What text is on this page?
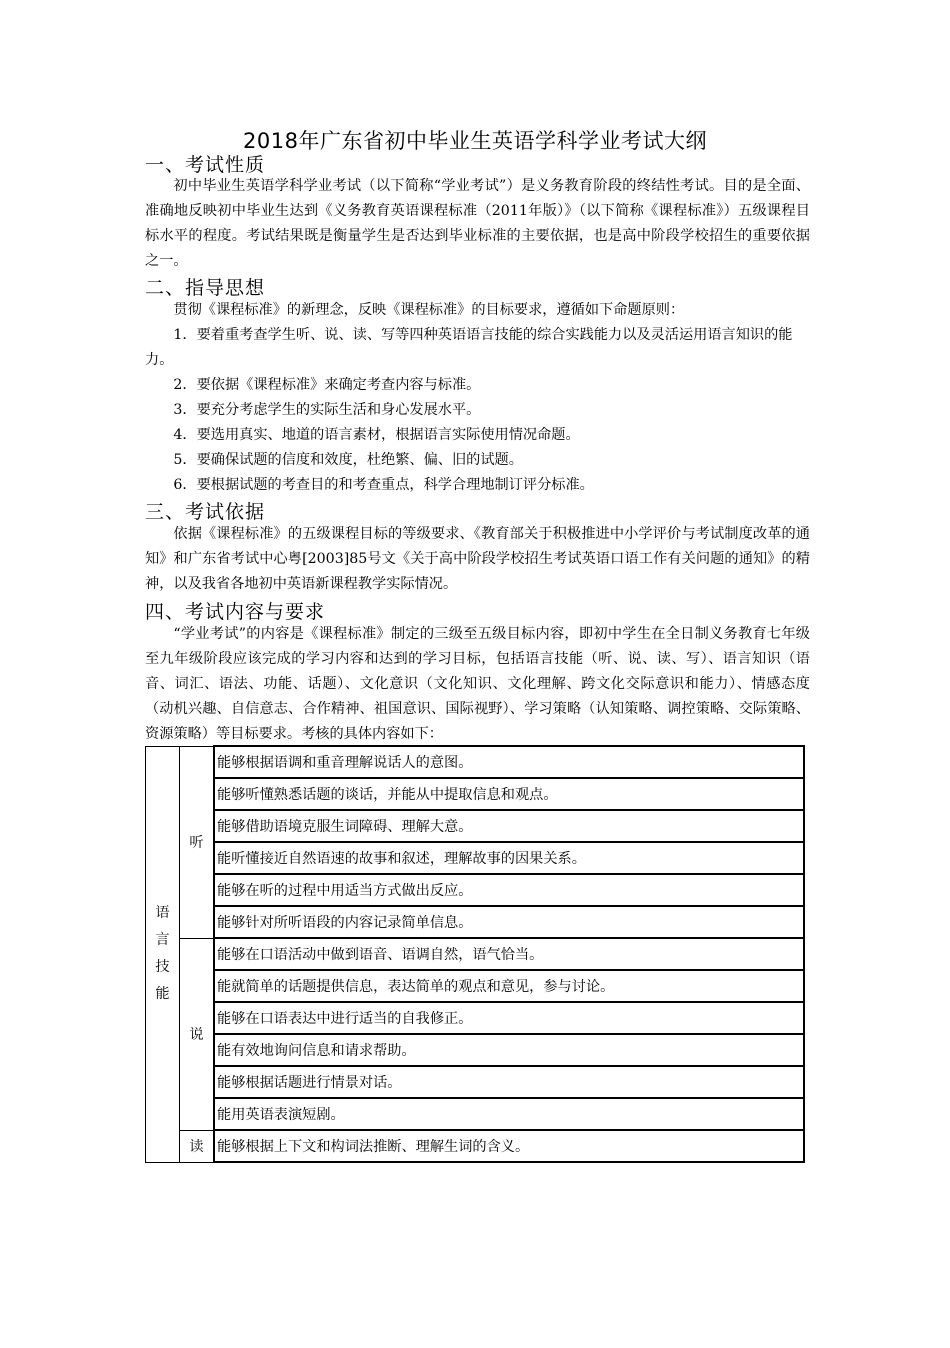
2018年广东省初中毕业生英语学科学业考试大纲
一、考试性质
初中毕业生英语学科学业考试（以下简称“学业考试”）是义务教育阶段的终结性考试。目的是全面、准确地反映初中毕业生达到《义务教育英语课程标准（2011年版）》（以下简称《课程标准》）五级课程目标水平的程度。考试结果既是衡量学生是否达到毕业标准的主要依据，也是高中阶段学校招生的重要依据之一。
二、指导思想
贯彻《课程标准》的新理念，反映《课程标准》的目标要求，遵循如下命题原则：
1．要着重考查学生听、说、读、写等四种英语语言技能的综合实践能力以及灵活运用语言知识的能力。
2．要依据《课程标准》来确定考查内容与标准。
3．要充分考虑学生的实际生活和身心发展水平。
4．要选用真实、地道的语言素材，根据语言实际使用情况命题。
5．要确保试题的信度和效度，杜绝繁、偏、旧的试题。
6．要根据试题的考查目的和考查重点，科学合理地制订评分标准。
三、考试依据
依据《课程标准》的五级课程目标的等级要求、《教育部关于积极推进中小学评价与考试制度改革的通知》和广东省考试中心粤[2003]85号文《关于高中阶段学校招生考试英语口语工作有关问题的通知》的精神，以及我省各地初中英语新课程教学实际情况。
四、考试内容与要求
“学业考试”的内容是《课程标准》制定的三级至五级目标内容，即初中学生在全日制义务教育七年级至九年级阶段应该完成的学习内容和达到的学习目标，包括语言技能（听、说、读、写）、语言知识（语音、词汇、语法、功能、话题）、文化意识（文化知识、文化理解、跨文化交际意识和能力）、情感态度（动机兴趣、自信意志、合作精神、祖国意识、国际视野）、学习策略（认知策略、调控策略、交际策略、资源策略）等目标要求。考核的具体内容如下：
语
言
技
能	听	能够根据语调和重音理解说话人的意图。
		能够听懂熟悉话题的谈话，并能从中提取信息和观点。
		能够借助语境克服生词障碍、理解大意。
		能听懂接近自然语速的故事和叙述，理解故事的因果关系。
		能够在听的过程中用适当方式做出反应。
		能够针对所听语段的内容记录简单信息。
	说	能够在口语活动中做到语音、语调自然，语气恰当。
		能就简单的话题提供信息，表达简单的观点和意见，参与讨论。
		能够在口语表达中进行适当的自我修正。
		能有效地询问信息和请求帮助。
		能够根据话题进行情景对话。
		能用英语表演短剧。
	读	能够根据上下文和构词法推断、理解生词的含义。
